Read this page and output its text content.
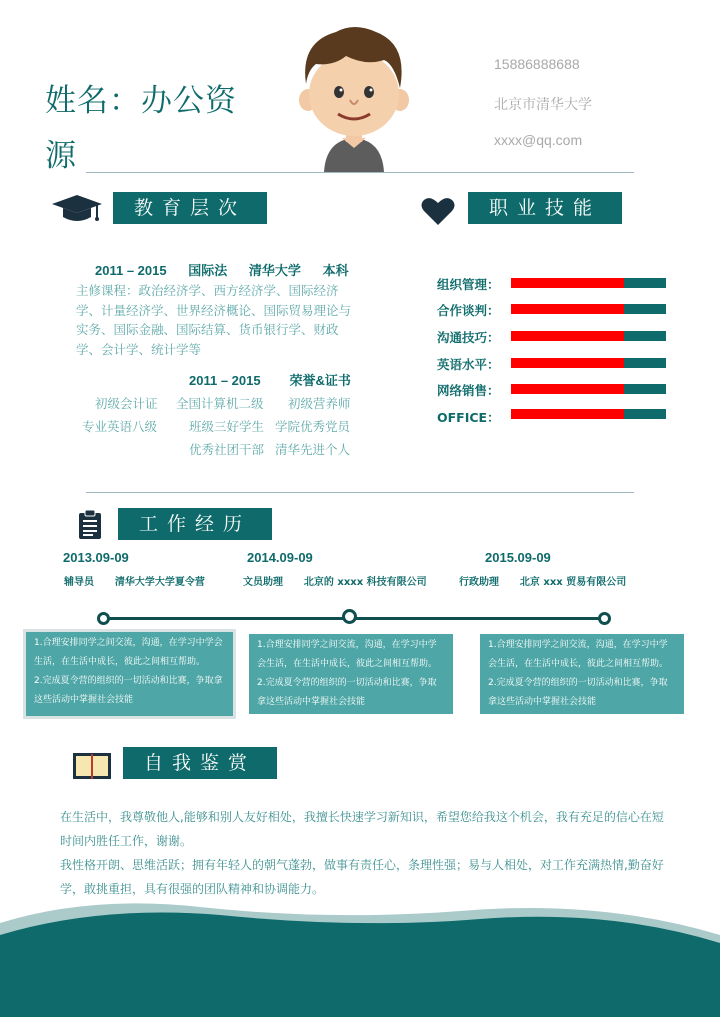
姓名：办公资
源
15886888688
北京市清华大学
xxxx@qq.com
教育层次
2011 – 2015      国际法      清华大学      本科
主修课程：政治经济学、西方经济学、国际经济学、计量经济学、世界经济概论、国际贸易理论与实务、国际金融、国际结算、货币银行学、财政学、会计学、统计学等
2011 – 2015        荣誉&证书
初级会计证 全国计算机二级 初级营养师
专业英语八级	班级三好学生 学院优秀党员
优秀社团干部 清华先进个人
职业技能
组织管理：
合作谈判：
沟通技巧：
英语水平：
网络销售：
OFFICE：
工作经历
2013.09-09
辅导员      清华大学大学夏令营
2014.09-09
文员助理      北京的 xxxx 科技有限公司
2015.09-09
行政助理      北京 xxx 贸易有限公司

1.合理安排同学之间交流，沟通，在学习中学会生活，在生活中成长，彼此之间相互帮助。

2.完成夏令营的组织的一切活动和比赛，争取拿这些活动中掌握社会技能

1.合理安排同学之间交流，沟通，在学习中学会生活，在生活中成长，彼此之间相互帮助。

2.完成夏令营的组织的一切活动和比赛，争取拿这些活动中掌握社会技能

1.合理安排同学之间交流，沟通，在学习中学会生活，在生活中成长，彼此之间相互帮助。

2.完成夏令营的组织的一切活动和比赛，争取拿这些活动中掌握社会技能

自我鉴赏

在生活中，我尊敬他人,能够和别人友好相处，我擅长快速学习新知识，希望您给我这个机会，我有充足的信心在短时间内胜任工作，谢谢。

我性格开朗、思维活跃；拥有年轻人的朝气蓬勃，做事有责任心，条理性强；易与人相处，对工作充满热情,勤奋好学，敢挑重担，具有很强的团队精神和协调能力。
